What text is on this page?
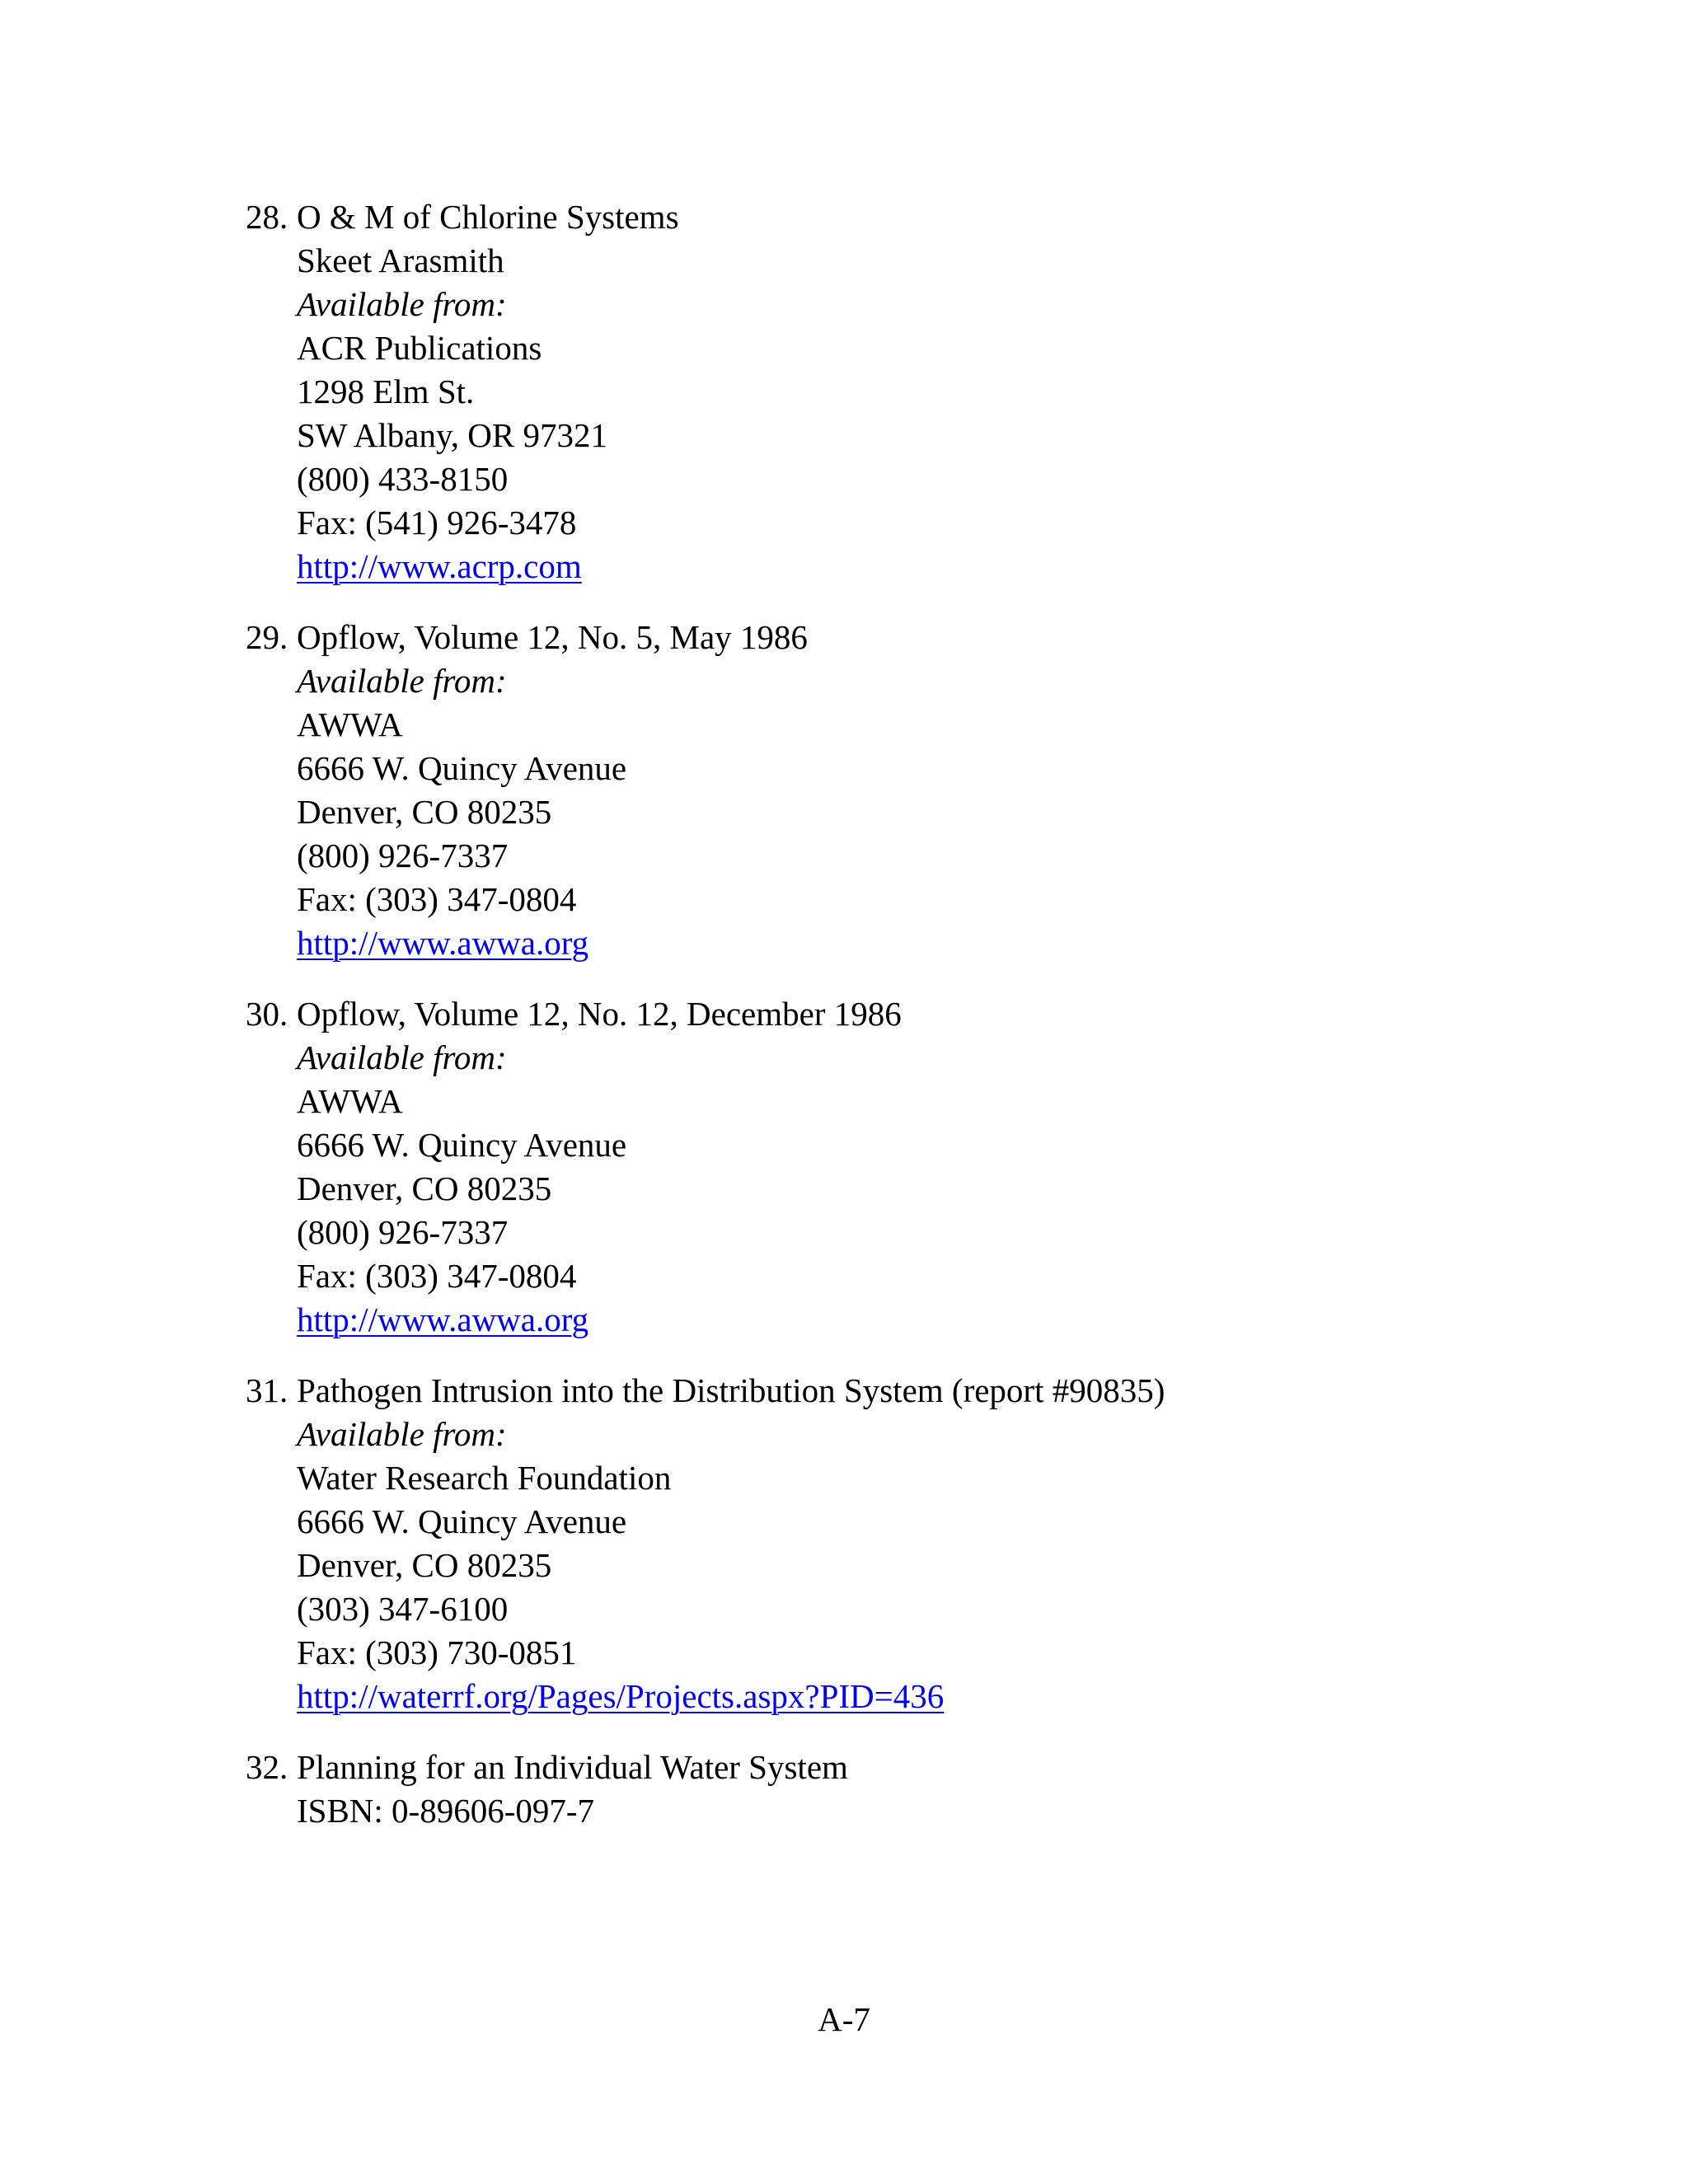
28. O & M of Chlorine Systems
Skeet Arasmith
Available from:
ACR Publications
1298 Elm St.
SW Albany, OR 97321
(800) 433-8150
Fax: (541) 926-3478
http://www.acrp.com
29. Opflow, Volume 12, No. 5, May 1986
Available from:
AWWA
6666 W. Quincy Avenue
Denver, CO 80235
(800) 926-7337
Fax: (303) 347-0804
http://www.awwa.org
30. Opflow, Volume 12, No. 12, December 1986
Available from:
AWWA
6666 W. Quincy Avenue
Denver, CO 80235
(800) 926-7337
Fax: (303) 347-0804
http://www.awwa.org
31. Pathogen Intrusion into the Distribution System (report #90835)
Available from:
Water Research Foundation
6666 W. Quincy Avenue
Denver, CO 80235
(303) 347-6100
Fax: (303) 730-0851
http://waterrf.org/Pages/Projects.aspx?PID=436
32. Planning for an Individual Water System
ISBN: 0-89606-097-7
A-7
